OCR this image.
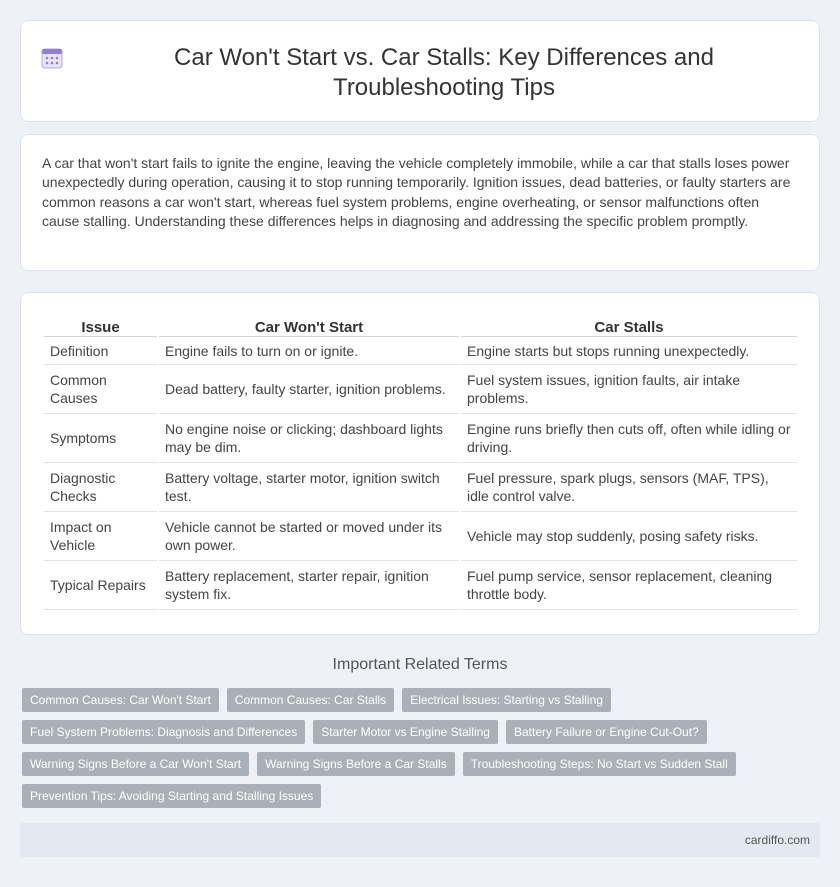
Car Won't Start vs. Car Stalls: Key Differences and Troubleshooting Tips

A car that won't start fails to ignite the engine, leaving the vehicle completely immobile, while a car that stalls loses power unexpectedly during operation, causing it to stop running temporarily. Ignition issues, dead batteries, or faulty starters are common reasons a car won't start, whereas fuel system problems, engine overheating, or sensor malfunctions often cause stalling. Understanding these differences helps in diagnosing and addressing the specific problem promptly.

Issue	Car Won't Start	Car Stalls
Definition	Engine fails to turn on or ignite.	Engine starts but stops running unexpectedly.
Common Causes	Dead battery, faulty starter, ignition problems.	Fuel system issues, ignition faults, air intake problems.
Symptoms	No engine noise or clicking; dashboard lights may be dim.	Engine runs briefly then cuts off, often while idling or driving.
Diagnostic Checks	Battery voltage, starter motor, ignition switch test.	Fuel pressure, spark plugs, sensors (MAF, TPS), idle control valve.
Impact on Vehicle	Vehicle cannot be started or moved under its own power.	Vehicle may stop suddenly, posing safety risks.
Typical Repairs	Battery replacement, starter repair, ignition system fix.	Fuel pump service, sensor replacement, cleaning throttle body.
Important Related Terms
Common Causes: Car Won't Start	Common Causes: Car Stalls	Electrical Issues: Starting vs Stalling
Fuel System Problems: Diagnosis and Differences	Starter Motor vs Engine Stalling	Battery Failure or Engine Cut-Out?
Warning Signs Before a Car Won't Start	Warning Signs Before a Car Stalls	Troubleshooting Steps: No Start vs Sudden Stall
Prevention Tips: Avoiding Starting and Stalling Issues
cardiffo.com
